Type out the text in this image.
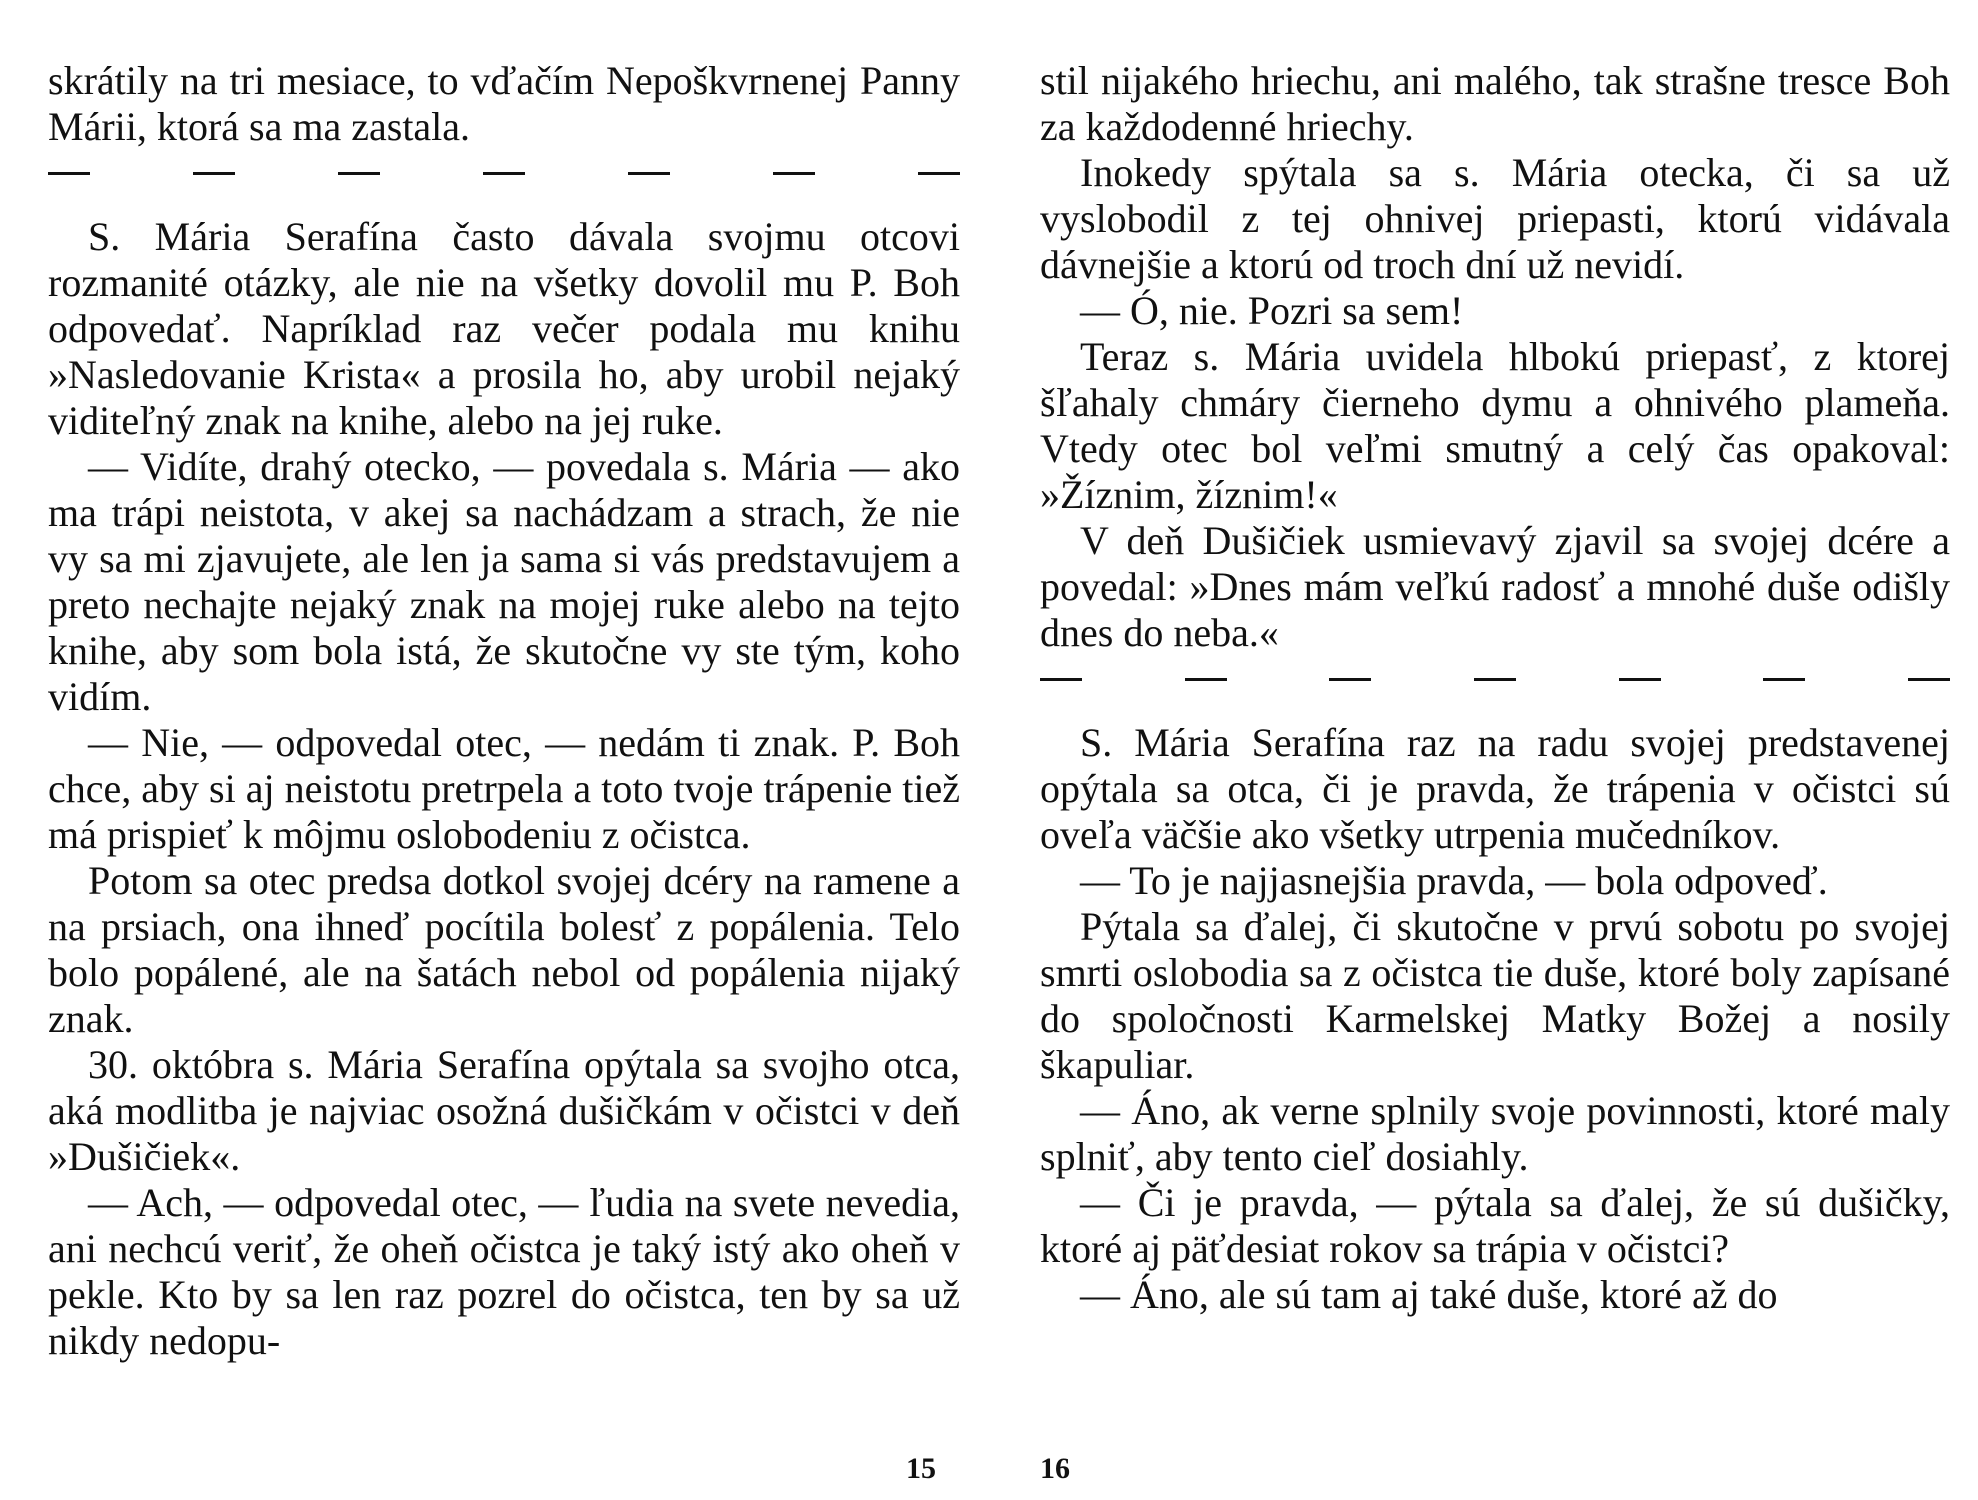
skrátily na tri mesiace, to vďačím Nepoškvrnenej Panny Márii, ktorá sa ma zastala.

S. Mária Serafína často dávala svojmu otcovi rozmanité otázky, ale nie na všetky dovolil mu P. Boh odpovedať. Napríklad raz večer podala mu knihu »Nasledovanie Krista« a prosila ho, aby urobil nejaký viditeľný znak na knihe, alebo na jej ruke.

— Vidíte, drahý otecko, — povedala s. Mária — ako ma trápi neistota, v akej sa nachádzam a strach, že nie vy sa mi zjavujete, ale len ja sama si vás predstavujem a preto nechajte nejaký znak na mojej ruke alebo na tejto knihe, aby som bola istá, že skutočne vy ste tým, koho vidím.

— Nie, — odpovedal otec, — nedám ti znak. P. Boh chce, aby si aj neistotu pretrpela a toto tvoje trápenie tiež má prispieť k môjmu oslobodeniu z očistca.

Potom sa otec predsa dotkol svojej dcéry na ramene a na prsiach, ona ihneď pocítila bolesť z popálenia. Telo bolo popálené, ale na šatách nebol od popálenia nijaký znak.

30. októbra s. Mária Serafína opýtala sa svojho otca, aká modlitba je najviac osožná dušičkám v očistci v deň »Dušičiek«.

— Ach, — odpovedal otec, — ľudia na svete nevedia, ani nechcú veriť, že oheň očistca je taký istý ako oheň v pekle. Kto by sa len raz pozrel do očistca, ten by sa už nikdy nedopu-

stil nijakého hriechu, ani malého, tak strašne tresce Boh za každodenné hriechy.

Inokedy spýtala sa s. Mária otecka, či sa už vyslobodil z tej ohnivej priepasti, ktorú vidávala dávnejšie a ktorú od troch dní už nevidí.

— Ó, nie. Pozri sa sem!

Teraz s. Mária uvidela hlbokú priepasť, z ktorej šľahaly chmáry čierneho dymu a ohnivého plameňa. Vtedy otec bol veľmi smutný a celý čas opakoval: »Žíznim, žíznim!«

V deň Dušičiek usmievavý zjavil sa svojej dcére a povedal: »Dnes mám veľkú radosť a mnohé duše odišly dnes do neba.«

S. Mária Serafína raz na radu svojej predstavenej opýtala sa otca, či je pravda, že trápenia v očistci sú oveľa väčšie ako všetky utrpenia mučedníkov.

— To je najjasnejšia pravda, — bola odpoveď.

Pýtala sa ďalej, či skutočne v prvú sobotu po svojej smrti oslobodia sa z očistca tie duše, ktoré boly zapísané do spoločnosti Karmelskej Matky Božej a nosily škapuliar.

— Áno, ak verne splnily svoje povinnosti, ktoré maly splniť, aby tento cieľ dosiahly.

— Či je pravda, — pýtala sa ďalej, že sú dušičky, ktoré aj päťdesiat rokov sa trápia v očistci?

— Áno, ale sú tam aj také duše, ktoré až do

15	16
